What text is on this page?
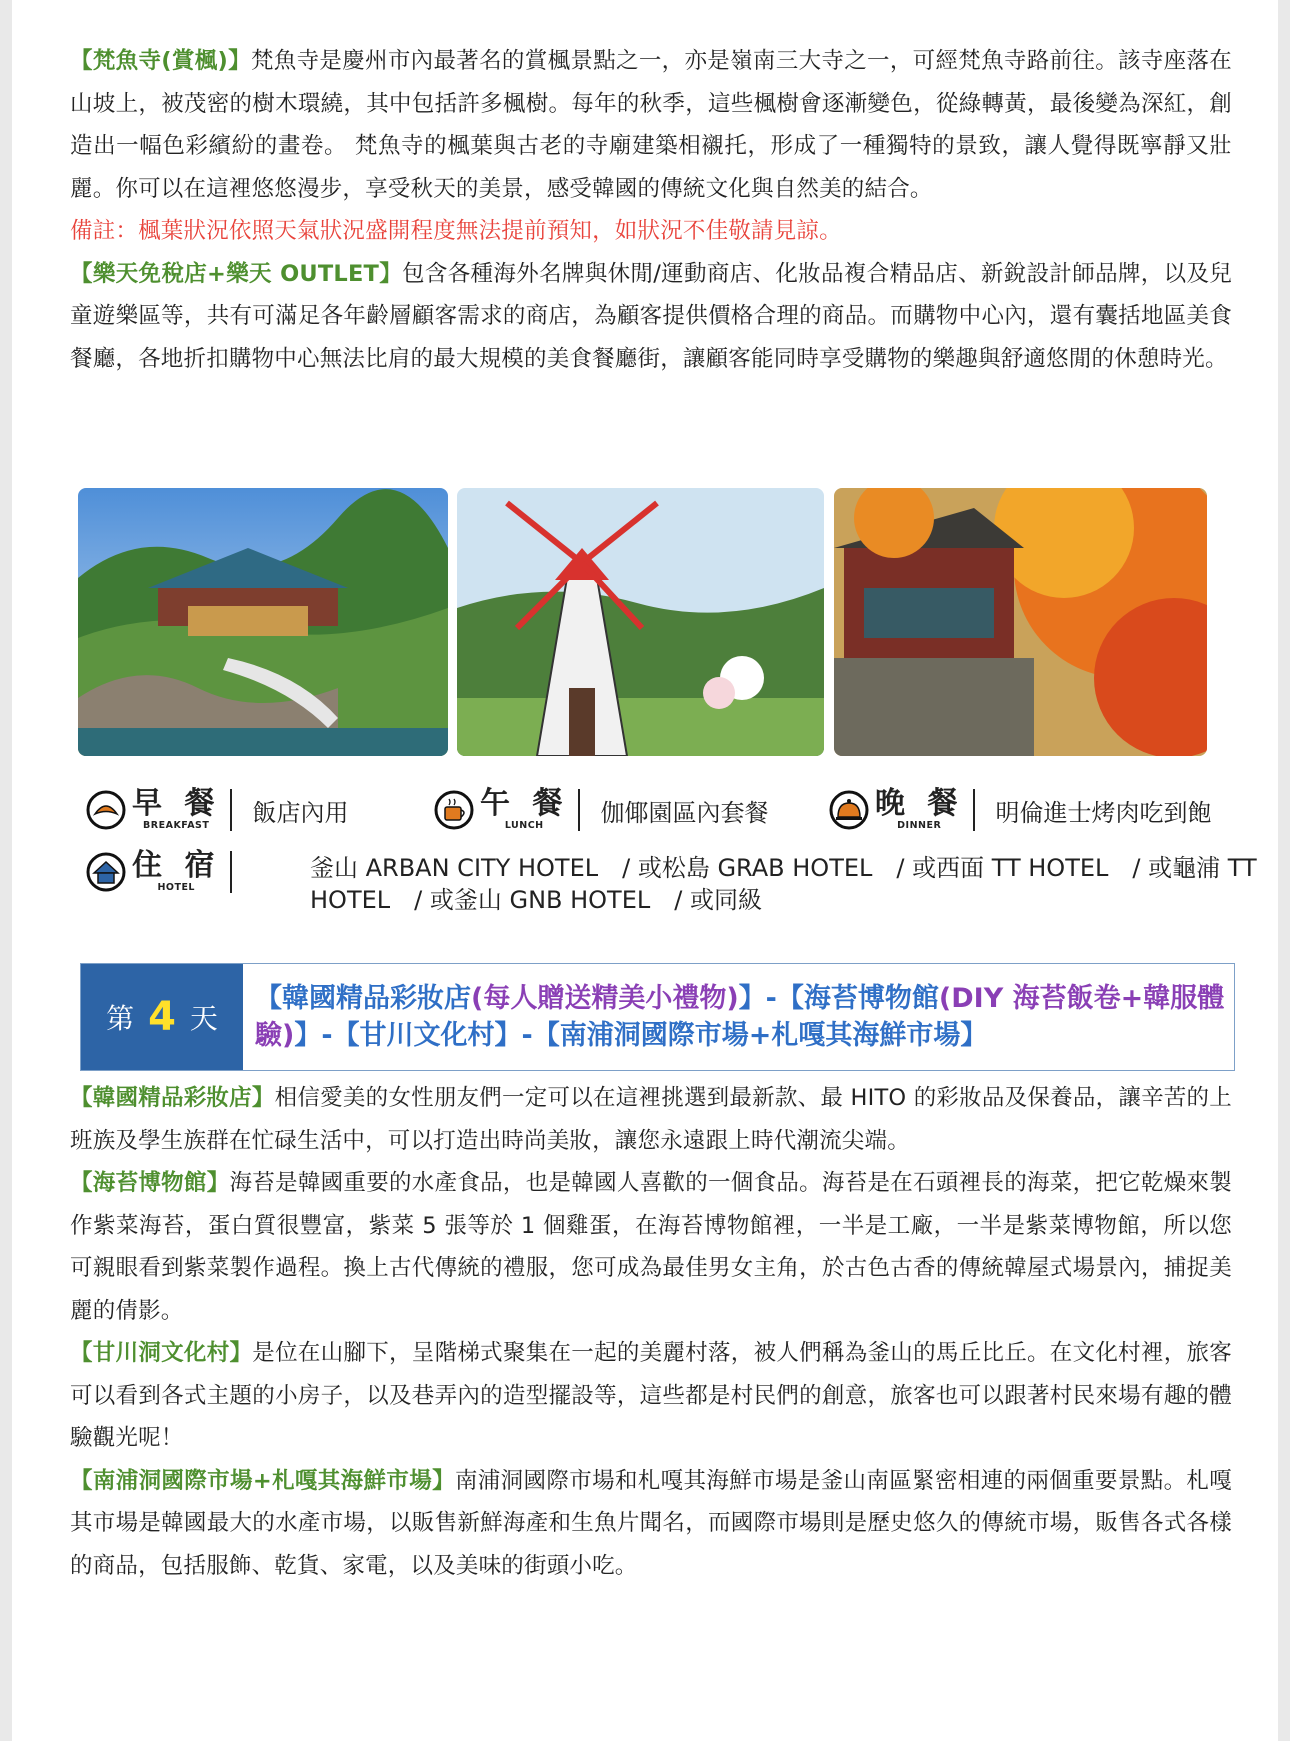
【梵魚寺(賞楓)】梵魚寺是慶州市內最著名的賞楓景點之一，亦是嶺南三大寺之一，可經梵魚寺路前往。該寺座落在山坡上，被茂密的樹木環繞，其中包括許多楓樹。每年的秋季，這些楓樹會逐漸變色，從綠轉黃，最後變為深紅，創造出一幅色彩繽紛的畫卷。 梵魚寺的楓葉與古老的寺廟建築相襯托，形成了一種獨特的景致，讓人覺得既寧靜又壯麗。你可以在這裡悠悠漫步，享受秋天的美景，感受韓國的傳統文化與自然美的結合。

備註：楓葉狀況依照天氣狀況盛開程度無法提前預知，如狀況不佳敬請見諒。

【樂天免稅店+樂天 OUTLET】包含各種海外名牌與休閒/運動商店、化妝品複合精品店、新銳設計師品牌，以及兒童遊樂區等，共有可滿足各年齡層顧客需求的商店，為顧客提供價格合理的商品。而購物中心內，還有囊括地區美食餐廳，各地折扣購物中心無法比肩的最大規模的美食餐廳街，讓顧客能同時享受購物的樂趣與舒適悠閒的休憩時光。

早 餐
BREAKFAST 飯店內用	午 餐
LUNCH 伽倻園區內套餐	晚 餐
DINNER 明倫進士烤肉吃到飽
住 宿
HOTEL
釜山 ARBAN CITY HOTEL　/ 或松島 GRAB HOTEL　/ 或西面 TT HOTEL　/ 或龜浦 TT HOTEL　/ 或釜山 GNB HOTEL　/ 或同級
第 4 天
【韓國精品彩妝店(每人贈送精美小禮物)】-【海苔博物館(DIY 海苔飯卷+韓服體驗)】-【甘川文化村】-【南浦洞國際市場+札嘎其海鮮市場】

【韓國精品彩妝店】相信愛美的女性朋友們一定可以在這裡挑選到最新款、最 HITO 的彩妝品及保養品，讓辛苦的上班族及學生族群在忙碌生活中，可以打造出時尚美妝，讓您永遠跟上時代潮流尖端。

【海苔博物館】海苔是韓國重要的水產食品，也是韓國人喜歡的一個食品。海苔是在石頭裡長的海菜，把它乾燥來製作紫菜海苔，蛋白質很豐富，紫菜 5 張等於 1 個雞蛋，在海苔博物館裡，一半是工廠，一半是紫菜博物館，所以您可親眼看到紫菜製作過程。換上古代傳統的禮服，您可成為最佳男女主角，於古色古香的傳統韓屋式場景內，捕捉美麗的倩影。

【甘川洞文化村】是位在山腳下，呈階梯式聚集在一起的美麗村落，被人們稱為釜山的馬丘比丘。在文化村裡，旅客可以看到各式主題的小房子，以及巷弄內的造型擺設等，這些都是村民們的創意，旅客也可以跟著村民來場有趣的體驗觀光呢！

【南浦洞國際市場+札嘎其海鮮市場】南浦洞國際市場和札嘎其海鮮市場是釜山南區緊密相連的兩個重要景點。札嘎其市場是韓國最大的水產市場，以販售新鮮海產和生魚片聞名，而國際市場則是歷史悠久的傳統市場，販售各式各樣的商品，包括服飾、乾貨、家電，以及美味的街頭小吃。
